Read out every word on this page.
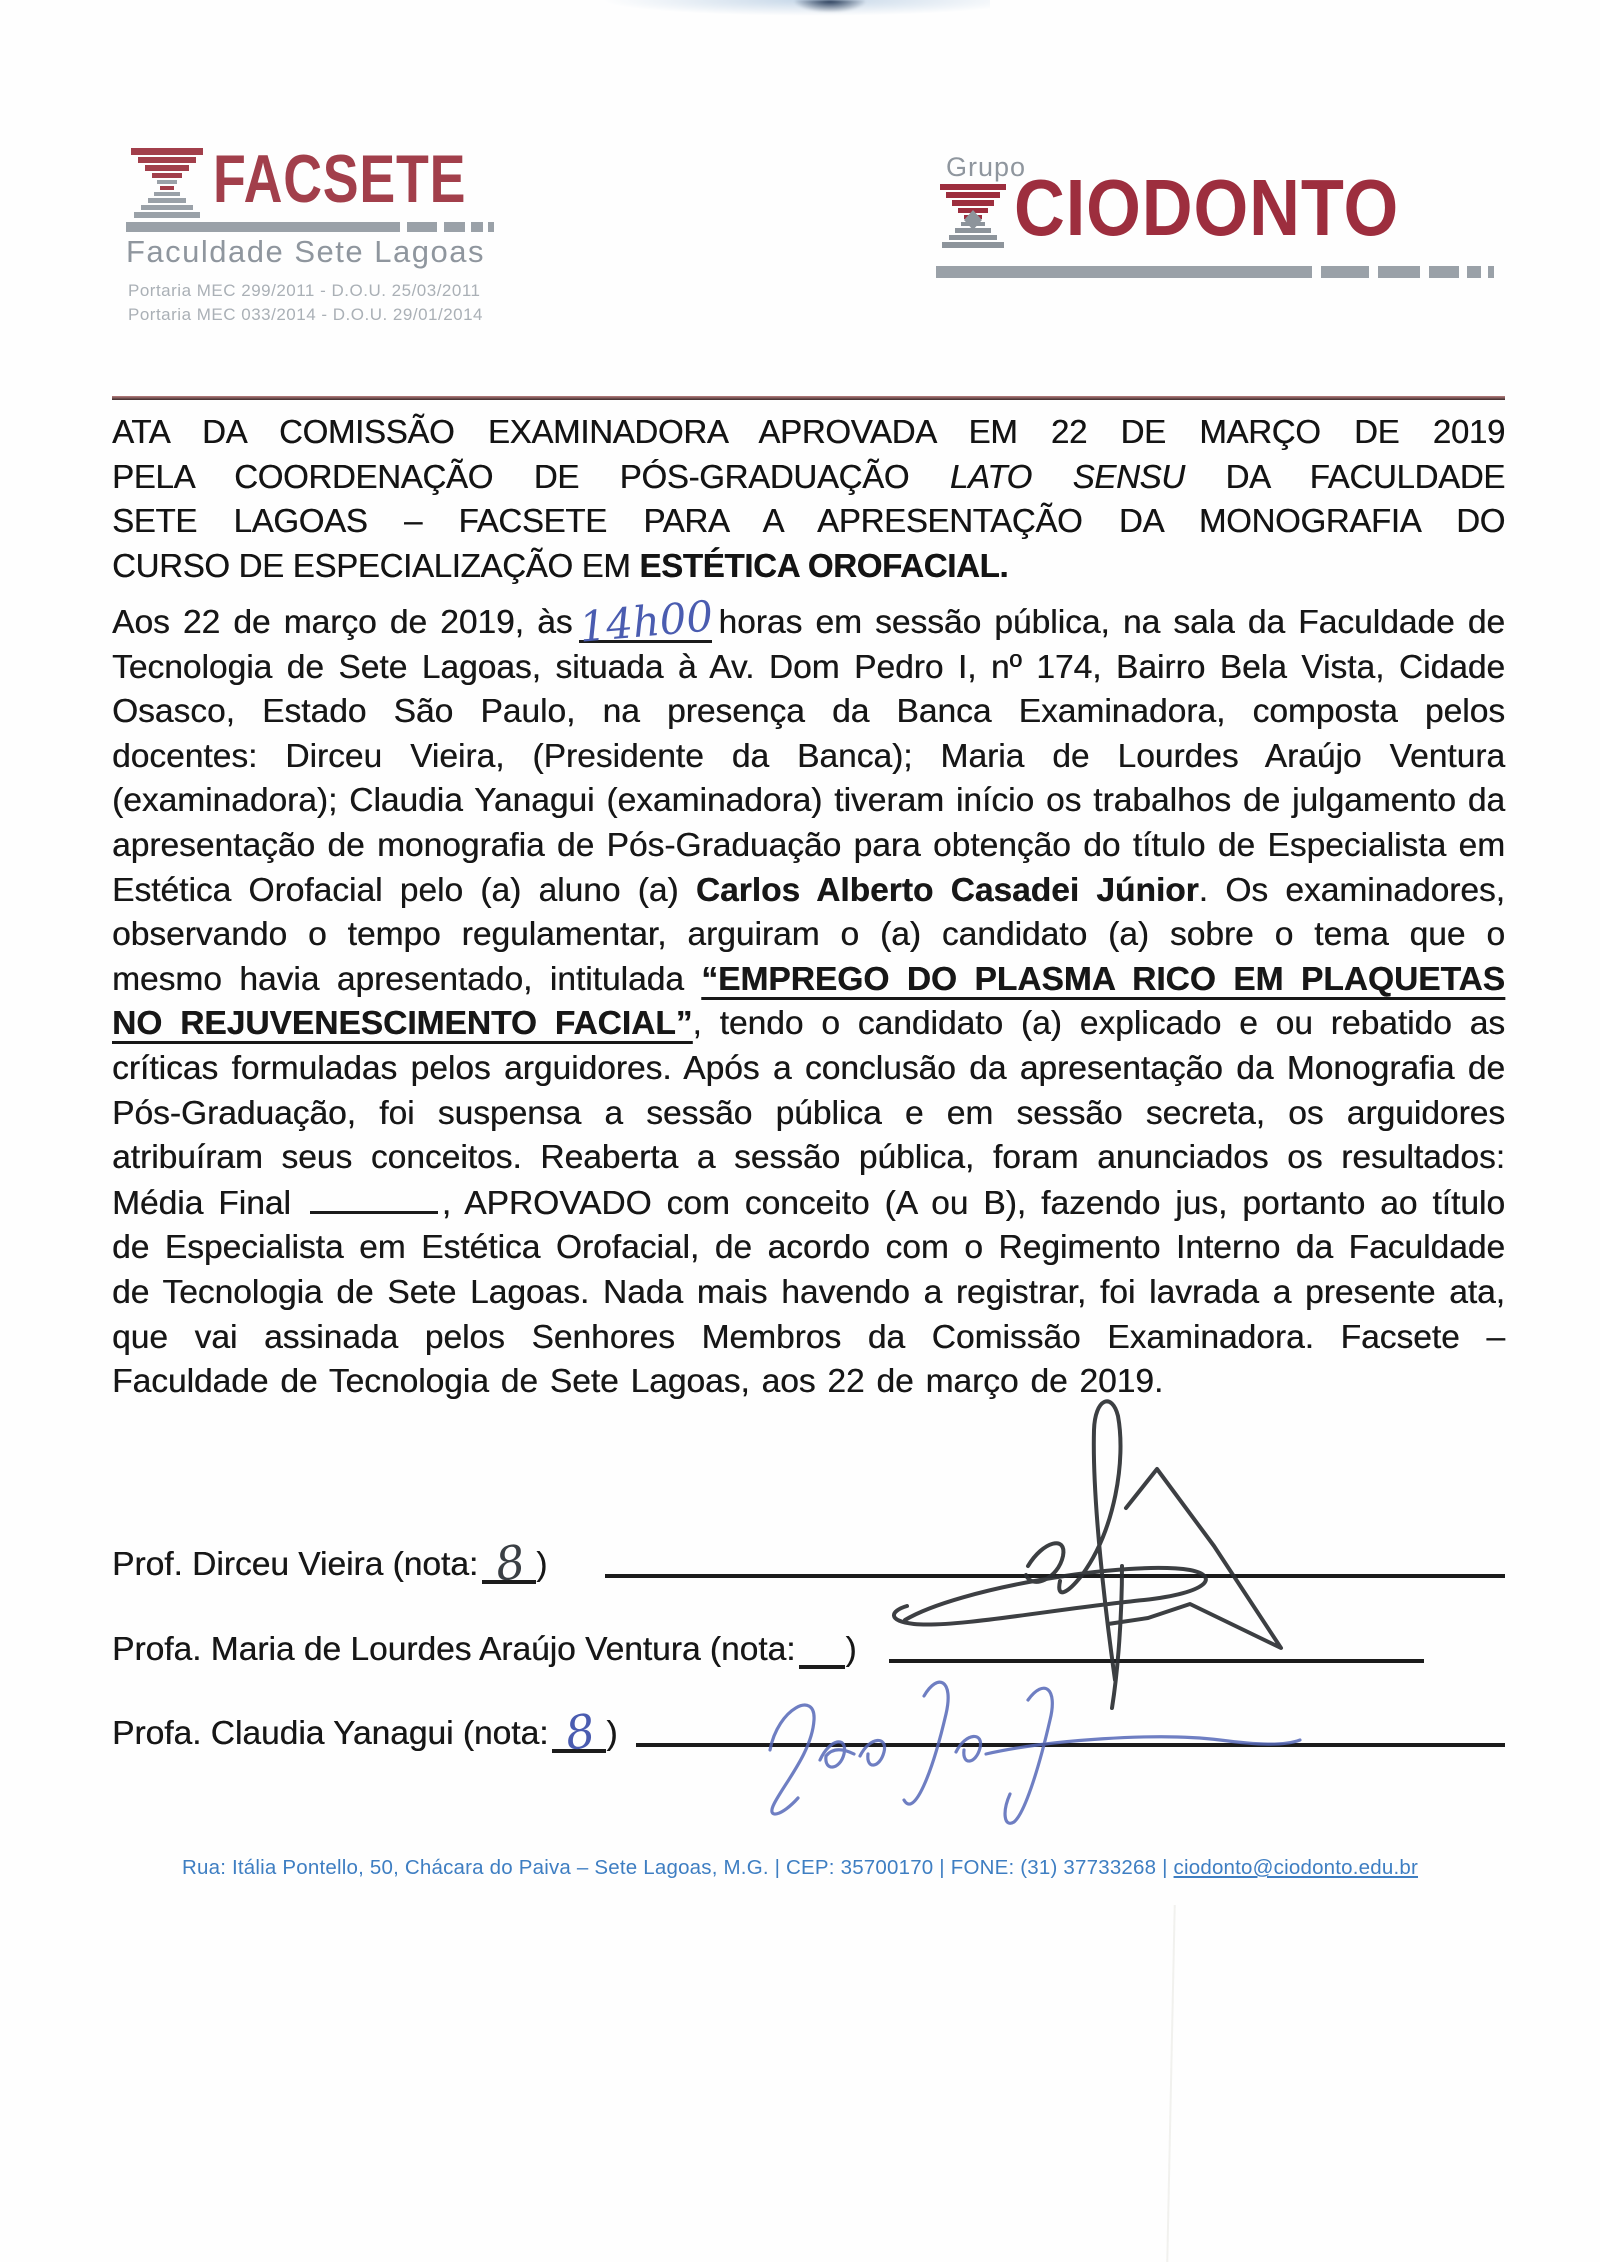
FACSETE
Faculdade Sete Lagoas
Portaria MEC 299/2011 - D.O.U. 25/03/2011
Portaria MEC 033/2014 - D.O.U. 29/01/2014
Grupo
CIODONTO
ATA DA COMISSÃO EXAMINADORA APROVADA EM 22 DE MARÇO DE 2019
PELA COORDENAÇÃO DE PÓS-GRADUAÇÃO LATO SENSU DA FACULDADE
SETE LAGOAS – FACSETE PARA A APRESENTAÇÃO DA MONOGRAFIA DO
CURSO DE ESPECIALIZAÇÃO EM ESTÉTICA OROFACIAL.
Aos 22 de março de 2019, às 14h00 horas em sessão pública, na sala da Faculdade de Tecnologia de Sete Lagoas, situada à Av. Dom Pedro I, nº 174, Bairro Bela Vista, Cidade Osasco, Estado São Paulo, na presença da Banca Examinadora, composta pelos docentes: Dirceu Vieira, (Presidente da Banca); Maria de Lourdes Araújo Ventura (examinadora); Claudia Yanagui (examinadora) tiveram início os trabalhos de julgamento da apresentação de monografia de Pós-Graduação para obtenção do título de Especialista em Estética Orofacial pelo (a) aluno (a) Carlos Alberto Casadei Júnior. Os examinadores, observando o tempo regulamentar, arguiram o (a) candidato (a) sobre o tema que o mesmo havia apresentado, intitulada “EMPREGO DO PLASMA RICO EM PLAQUETAS NO REJUVENESCIMENTO FACIAL”, tendo o candidato (a) explicado e ou rebatido as críticas formuladas pelos arguidores. Após a conclusão da apresentação da Monografia de Pós-Graduação, foi suspensa a sessão pública e em sessão secreta, os arguidores atribuíram seus conceitos. Reaberta a sessão pública, foram anunciados os resultados: Média Final	, APROVADO com conceito (A ou B), fazendo jus, portanto ao título de Especialista em Estética Orofacial, de acordo com o Regimento Interno da Faculdade de Tecnologia de Sete Lagoas. Nada mais havendo a registrar, foi lavrada a presente ata, que vai assinada pelos Senhores Membros da Comissão Examinadora. Facsete – Faculdade de Tecnologia de Sete Lagoas, aos 22 de março de 2019.
Prof. Dirceu Vieira (nota: 8 )
Profa. Maria de Lourdes Araújo Ventura (nota: )
Profa. Claudia Yanagui (nota: 8 )
Rua: Itália Pontello, 50, Chácara do Paiva – Sete Lagoas, M.G. | CEP: 35700170 | FONE: (31) 37733268 | ciodonto@ciodonto.edu.br
